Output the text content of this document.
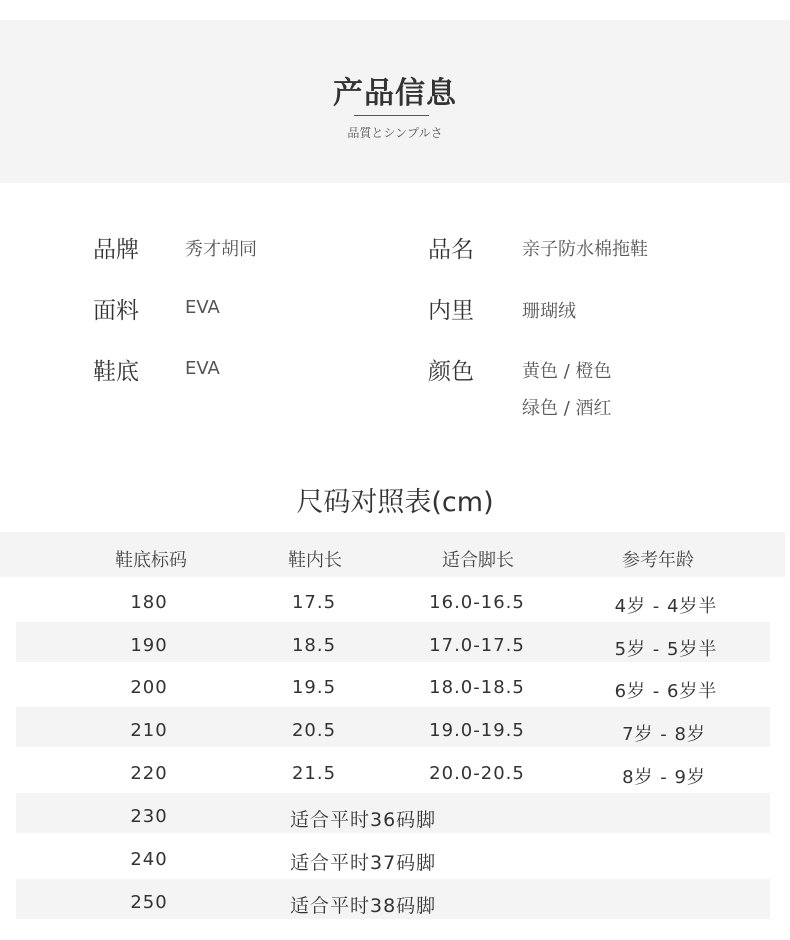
产品信息
品質とシンプルさ
品牌	秀才胡同	品名	亲子防水棉拖鞋
面料	EVA	内里	珊瑚绒
鞋底	EVA	颜色	黄色 / 橙色
绿色 / 酒红
尺码对照表(cm)
鞋底标码	鞋内长	适合脚长	参考年龄
180	17.5	16.0-16.5	4岁 - 4岁半
190	18.5	17.0-17.5	5岁 - 5岁半
200	19.5	18.0-18.5	6岁 - 6岁半
210	20.5	19.0-19.5	7岁 - 8岁
220	21.5	20.0-20.5	8岁 - 9岁
230	适合平时36码脚
240	适合平时37码脚
250	适合平时38码脚
